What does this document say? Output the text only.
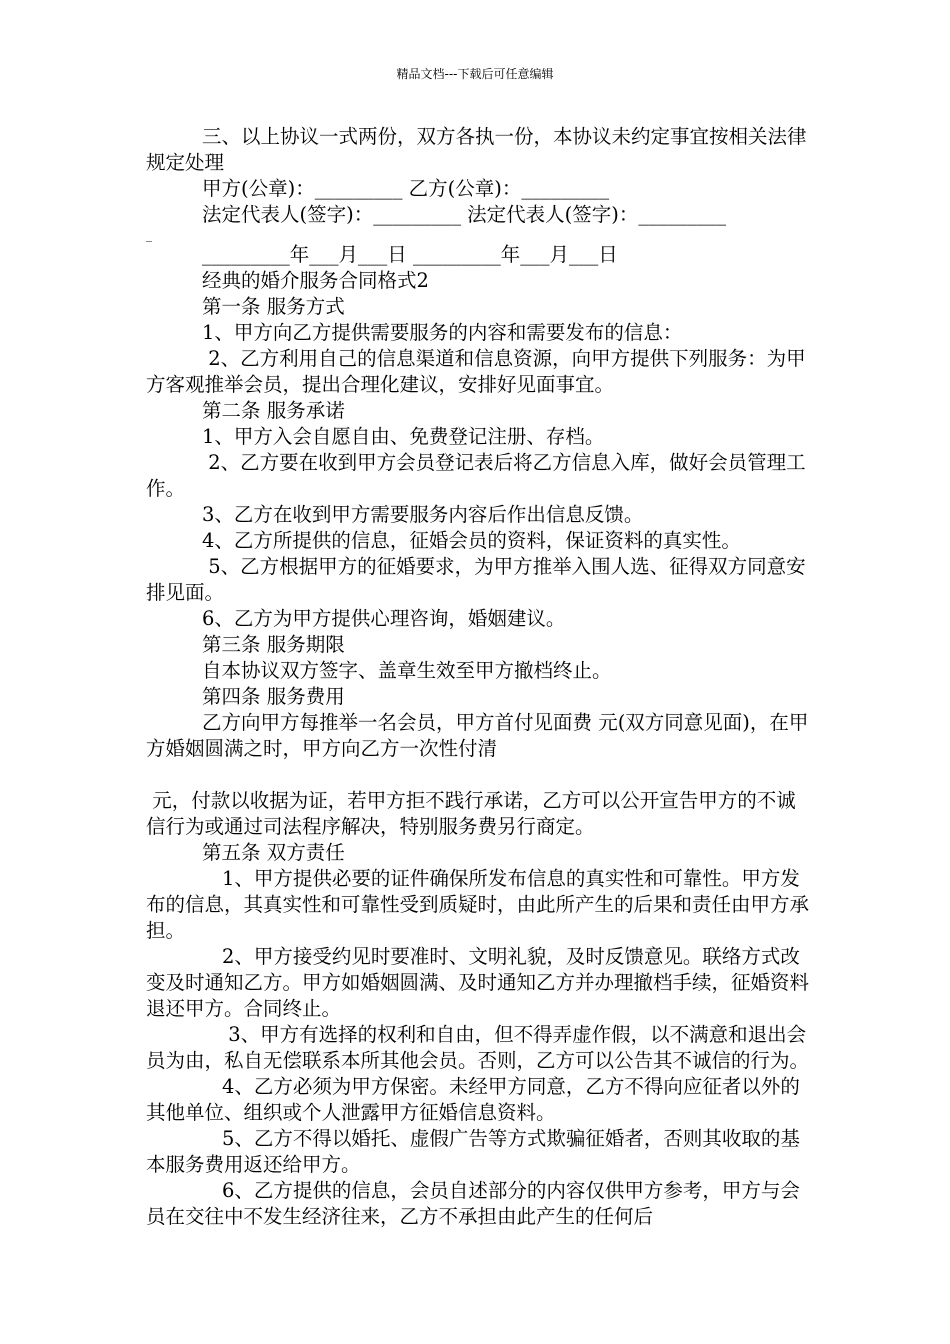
精品文档---下载后可任意编辑

三、以上协议一式两份，双方各执一份，本协议未约定事宜按相关法律规定处理

甲方(公章)：_________ 乙方(公章)：_________

法定代表人(签字)：_________ 法定代表人(签字)：_________

_

_________年___月___日 _________年___月___日

经典的婚介服务合同格式2

第一条 服务方式

1、甲方向乙方提供需要服务的内容和需要发布的信息：

2、乙方利用自己的信息渠道和信息资源，向甲方提供下列服务：为甲方客观推举会员，提出合理化建议，安排好见面事宜。

第二条 服务承诺

1、甲方入会自愿自由、免费登记注册、存档。

2、乙方要在收到甲方会员登记表后将乙方信息入库，做好会员管理工作。

3、乙方在收到甲方需要服务内容后作出信息反馈。

4、乙方所提供的信息，征婚会员的资料，保证资料的真实性。

5、乙方根据甲方的征婚要求，为甲方推举入围人选、征得双方同意安排见面。

6、乙方为甲方提供心理咨询，婚姻建议。

第三条 服务期限

自本协议双方签字、盖章生效至甲方撤档终止。

第四条 服务费用

乙方向甲方每推举一名会员，甲方首付见面费 元(双方同意见面)，在甲方婚姻圆满之时，甲方向乙方一次性付清

元，付款以收据为证，若甲方拒不践行承诺，乙方可以公开宣告甲方的不诚信行为或通过司法程序解决，特别服务费另行商定。

第五条 双方责任

1、甲方提供必要的证件确保所发布信息的真实性和可靠性。甲方发布的信息，其真实性和可靠性受到质疑时，由此所产生的后果和责任由甲方承担。

2、甲方接受约见时要准时、文明礼貌，及时反馈意见。联络方式改变及时通知乙方。甲方如婚姻圆满、及时通知乙方并办理撤档手续，征婚资料退还甲方。合同终止。

3、甲方有选择的权利和自由，但不得弄虚作假，以不满意和退出会员为由，私自无偿联系本所其他会员。否则，乙方可以公告其不诚信的行为。

4、乙方必须为甲方保密。未经甲方同意，乙方不得向应征者以外的其他单位、组织或个人泄露甲方征婚信息资料。

5、乙方不得以婚托、虚假广告等方式欺骗征婚者，否则其收取的基本服务费用返还给甲方。

6、乙方提供的信息，会员自述部分的内容仅供甲方参考，甲方与会员在交往中不发生经济往来，乙方不承担由此产生的任何后
